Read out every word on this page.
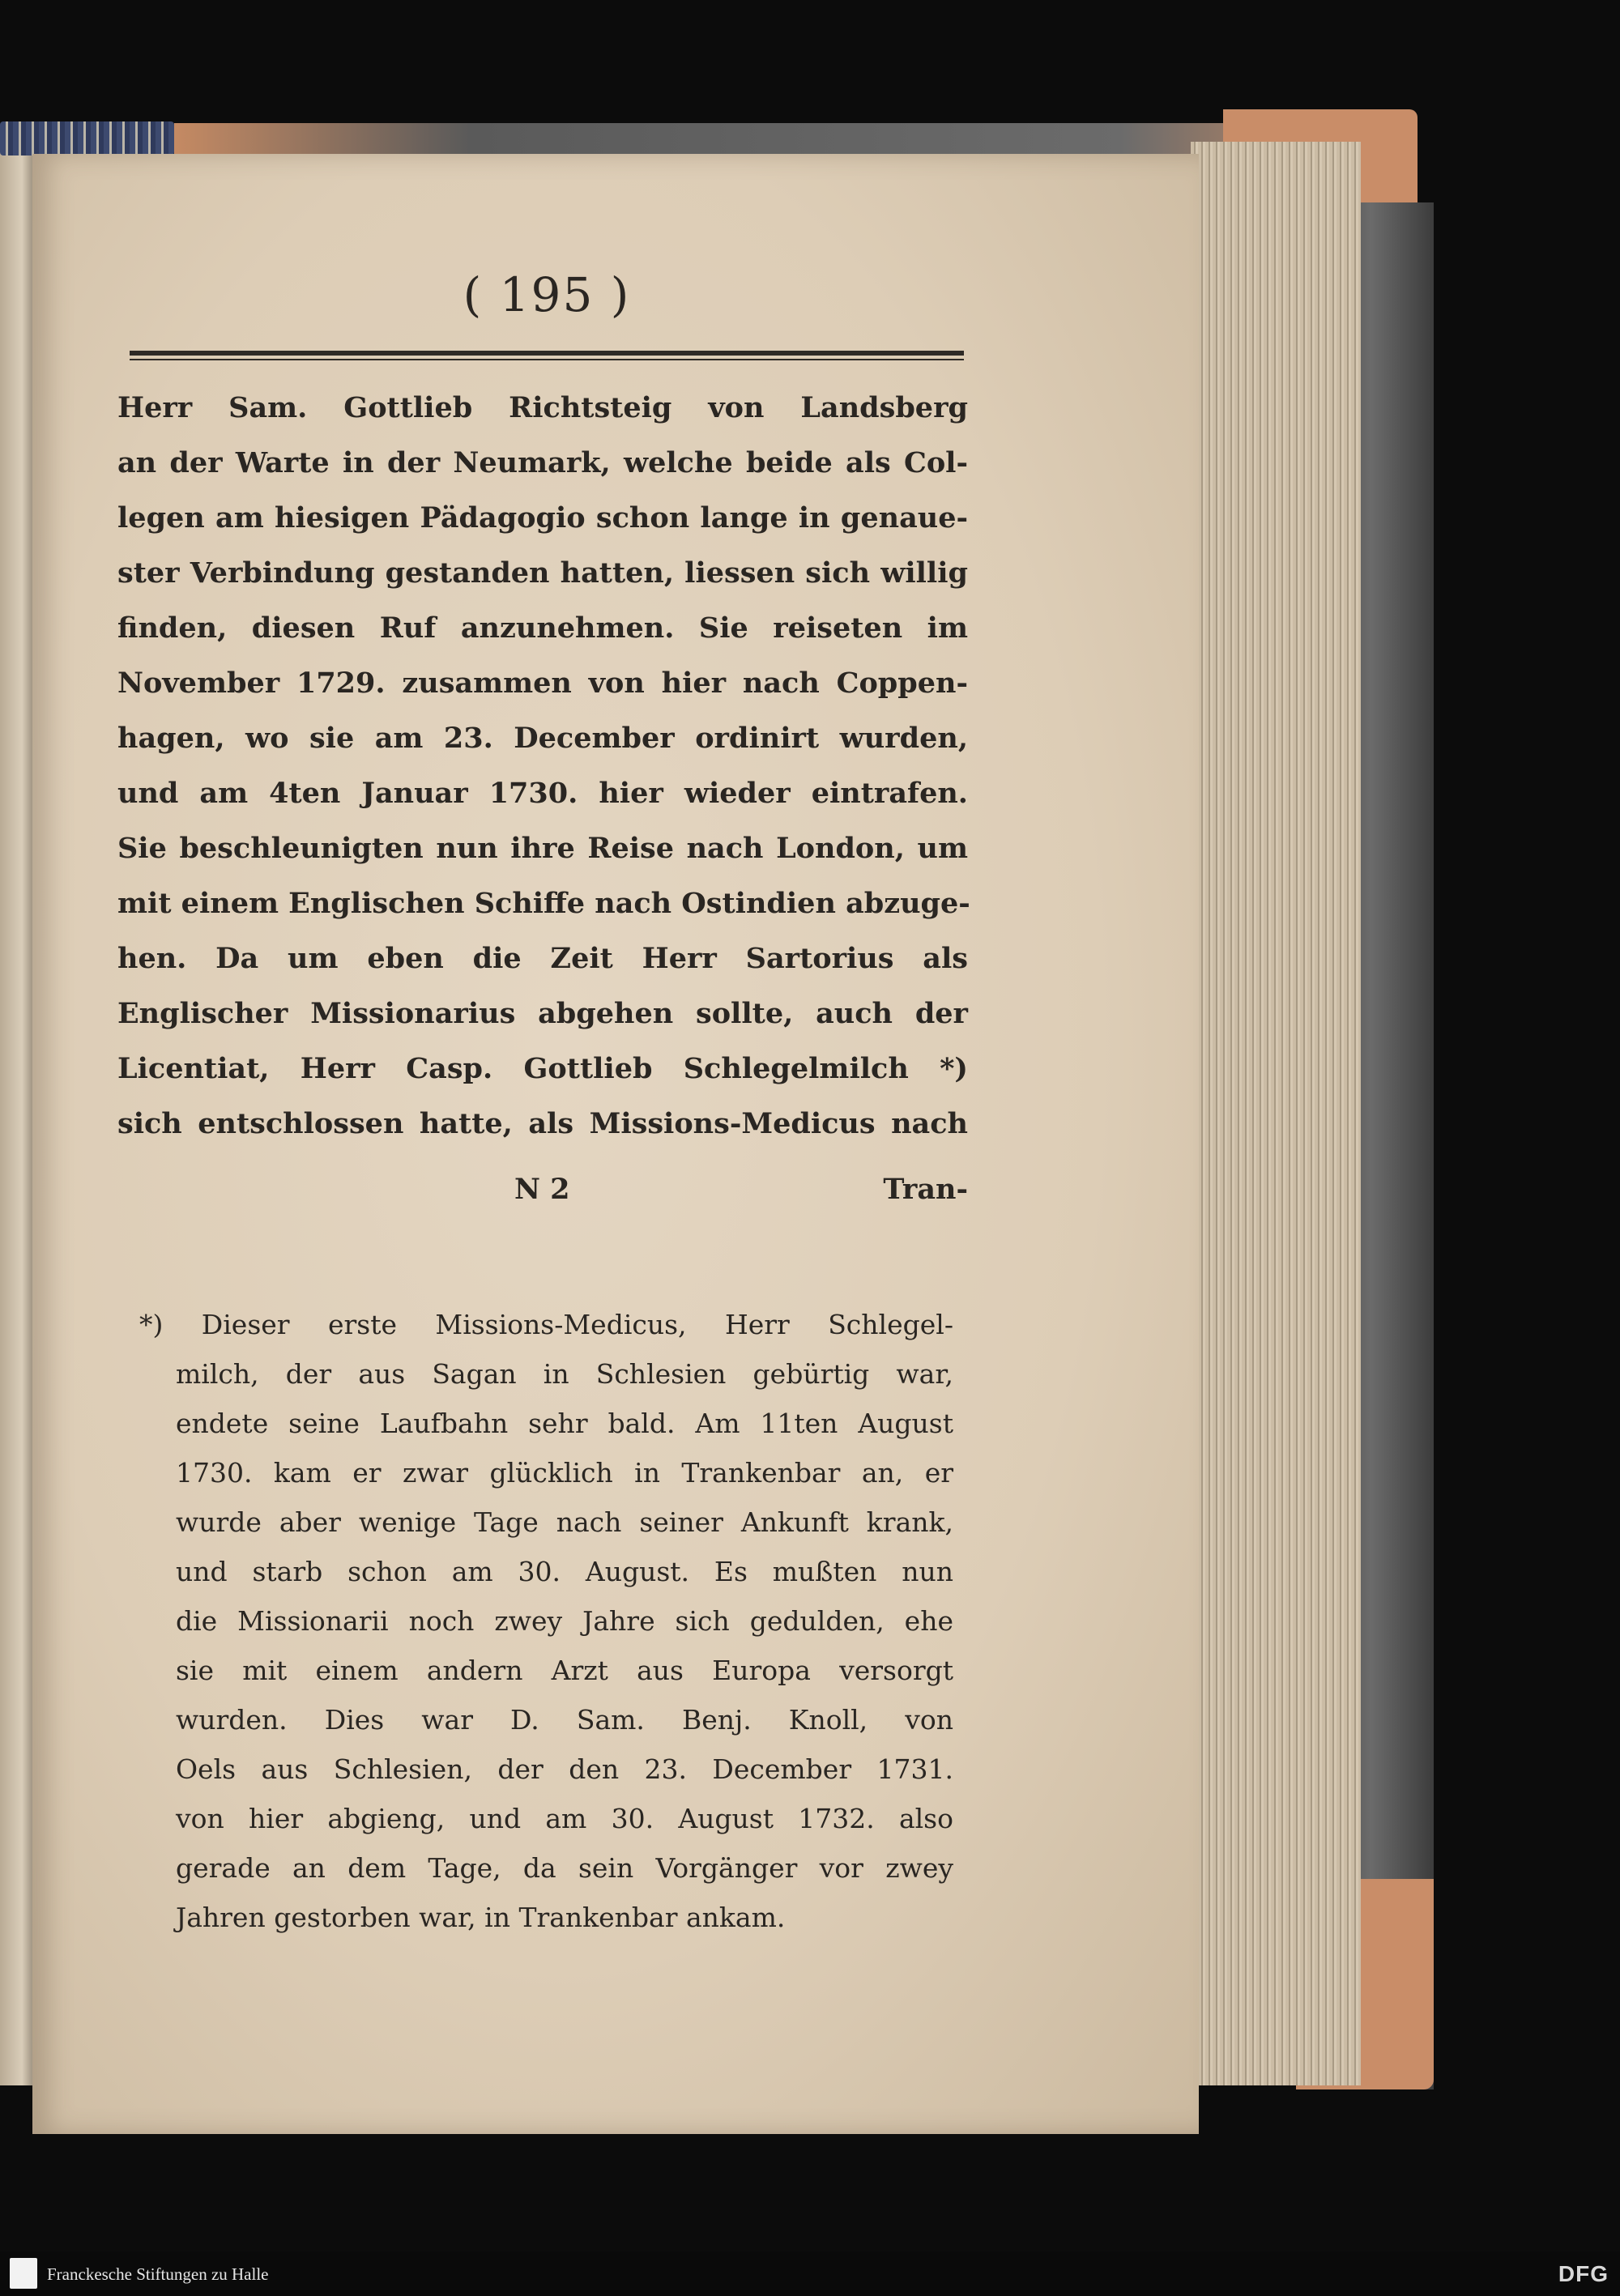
( 195 )
Herr Sam. Gottlieb Richtsteig von Landsberg
an der Warte in der Neumark, welche beide als Col-
legen am hiesigen Pädagogio schon lange in genaue-
ster Verbindung gestanden hatten, liessen sich willig
finden, diesen Ruf anzunehmen. Sie reiseten im
November 1729. zusammen von hier nach Coppen-
hagen, wo sie am 23. December ordinirt wurden,
und am 4ten Januar 1730. hier wieder eintrafen.
Sie beschleunigten nun ihre Reise nach London, um
mit einem Englischen Schiffe nach Ostindien abzuge-
hen. Da um eben die Zeit Herr Sartorius als
Englischer Missionarius abgehen sollte, auch der
Licentiat, Herr Casp. Gottlieb Schlegelmilch *)
sich entschlossen hatte, als Missions-Medicus nach
N 2	Tran-
*) Dieser erste Missions-Medicus, Herr Schlegel-
milch, der aus Sagan in Schlesien gebürtig war,
endete seine Laufbahn sehr bald. Am 11ten August
1730. kam er zwar glücklich in Trankenbar an, er
wurde aber wenige Tage nach seiner Ankunft krank,
und starb schon am 30. August. Es mußten nun
die Missionarii noch zwey Jahre sich gedulden, ehe
sie mit einem andern Arzt aus Europa versorgt
wurden. Dies war D. Sam. Benj. Knoll, von
Oels aus Schlesien, der den 23. December 1731.
von hier abgieng, und am 30. August 1732. also
gerade an dem Tage, da sein Vorgänger vor zwey
Jahren gestorben war, in Trankenbar ankam.
Franckesche Stiftungen zu Halle	DFG
